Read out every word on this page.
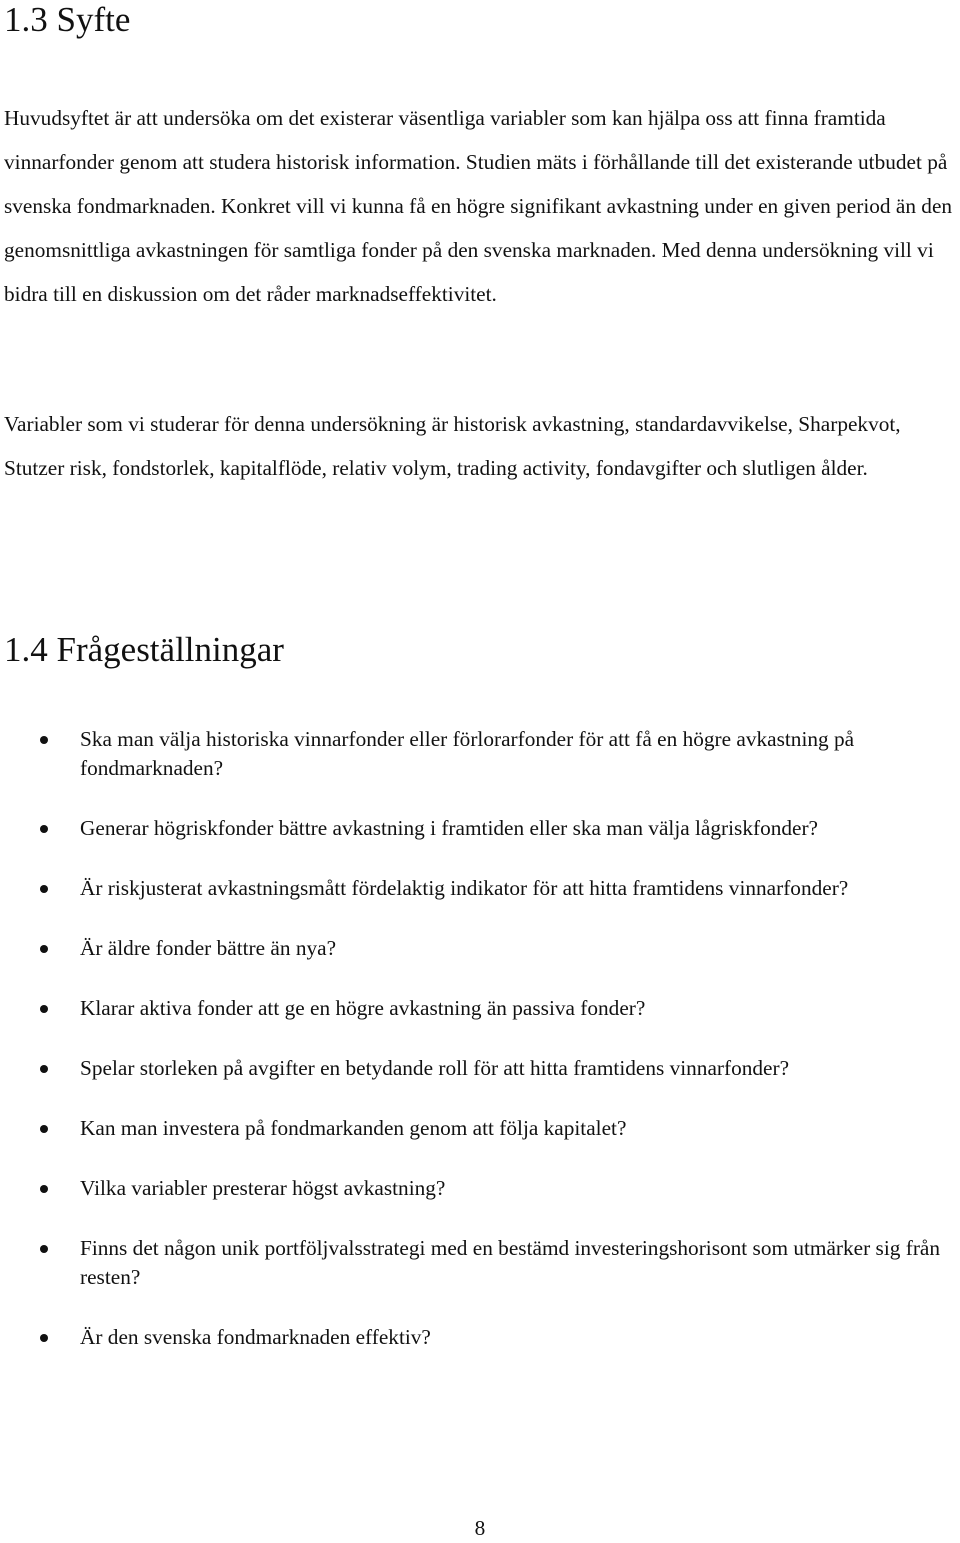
1.3 Syfte

Huvudsyftet är att undersöka om det existerar väsentliga variabler som kan hjälpa oss att finna framtida vinnarfonder genom att studera historisk information. Studien mäts i förhållande till det existerande utbudet på svenska fondmarknaden. Konkret vill vi kunna få en högre signifikant avkastning under en given period än den genomsnittliga avkastningen för samtliga fonder på den svenska marknaden. Med denna undersökning vill vi bidra till en diskussion om det råder marknadseffektivitet.

Variabler som vi studerar för denna undersökning är historisk avkastning, standardavvikelse, Sharpekvot, Stutzer risk, fondstorlek, kapitalflöde, relativ volym, trading activity, fondavgifter och slutligen ålder.

1.4 Frågeställningar
Ska man välja historiska vinnarfonder eller förlorarfonder för att få en högre avkastning på fondmarknaden?
Generar högriskfonder bättre avkastning i framtiden eller ska man välja lågriskfonder?
Är riskjusterat avkastningsmått fördelaktig indikator för att hitta framtidens vinnarfonder?
Är äldre fonder bättre än nya?
Klarar aktiva fonder att ge en högre avkastning än passiva fonder?
Spelar storleken på avgifter en betydande roll för att hitta framtidens vinnarfonder?
Kan man investera på fondmarkanden genom att följa kapitalet?
Vilka variabler presterar högst avkastning?
Finns det någon unik portföljvalsstrategi med en bestämd investeringshorisont som utmärker sig från resten?
Är den svenska fondmarknaden effektiv?
8
